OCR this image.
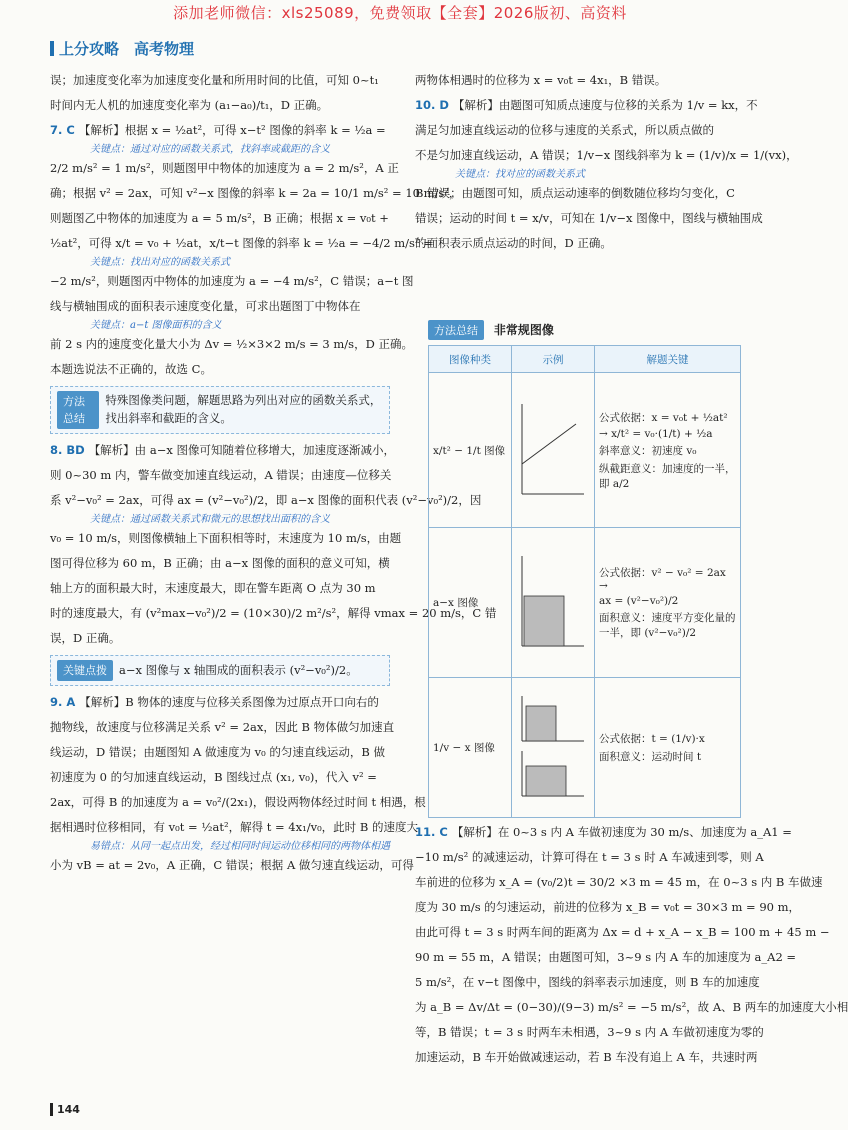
添加老师微信：xls25089，免费领取【全套】2026版初、高资料
上分攻略　高考物理
误；加速度变化率为加速度变化量和所用时间的比值，可知 0~t₁
时间内无人机的加速度变化率为 (a₁−a₀)/t₁，D 正确。
7. C 【解析】根据 x = ½at²，可得 x−t² 图像的斜率 k = ½a =
关键点：通过对应的函数关系式，找斜率或截距的含义
2/2 m/s² = 1 m/s²，则题图甲中物体的加速度为 a = 2 m/s²，A 正
确；根据 v² = 2ax，可知 v²−x 图像的斜率 k = 2a = 10/1 m/s² = 10 m/s²，
则题图乙中物体的加速度为 a = 5 m/s²，B 正确；根据 x = v₀t +
½at²，可得 x/t = v₀ + ½at，x/t−t 图像的斜率 k = ½a = −4/2 m/s² =
关键点：找出对应的函数关系式
−2 m/s²，则题图丙中物体的加速度为 a = −4 m/s²，C 错误；a−t 图
线与横轴围成的面积表示速度变化量，可求出题图丁中物体在
关键点：a−t 图像面积的含义
前 2 s 内的速度变化量大小为 Δv = ½×3×2 m/s = 3 m/s，D 正确。
本题选说法不正确的，故选 C。
方法总结
特殊图像类问题，解题思路为列出对应的函数关系式，找出斜率和截距的含义。
8. BD 【解析】由 a−x 图像可知随着位移增大，加速度逐渐减小，
则 0~30 m 内，警车做变加速直线运动，A 错误；由速度—位移关
系 v²−v₀² = 2ax，可得 ax = (v²−v₀²)/2，即 a−x 图像的面积代表 (v²−v₀²)/2，因
关键点：通过函数关系式和微元的思想找出面积的含义
v₀ = 10 m/s，则图像横轴上下面积相等时，末速度为 10 m/s，由题
图可得位移为 60 m，B 正确；由 a−x 图像的面积的意义可知，横
轴上方的面积最大时，末速度最大，即在警车距离 O 点为 30 m
时的速度最大，有 (v²max−v₀²)/2 = (10×30)/2 m²/s²，解得 vmax = 20 m/s，C 错
误，D 正确。
关键点拨	a−x 图像与 x 轴围成的面积表示 (v²−v₀²)/2。
9. A 【解析】B 物体的速度与位移关系图像为过原点开口向右的
抛物线，故速度与位移满足关系 v² = 2ax，因此 B 物体做匀加速直
线运动，D 错误；由题图知 A 做速度为 v₀ 的匀速直线运动，B 做
初速度为 0 的匀加速直线运动，B 图线过点 (x₁, v₀)，代入 v² =
2ax，可得 B 的加速度为 a = v₀²/(2x₁)，假设两物体经过时间 t 相遇，根
据相遇时位移相同，有 v₀t = ½at²，解得 t = 4x₁/v₀，此时 B 的速度大
易错点：从同一起点出发，经过相同时间运动位移相同的两物体相遇
小为 vB = at = 2v₀，A 正确，C 错误；根据 A 做匀速直线运动，可得
两物体相遇时的位移为 x = v₀t = 4x₁，B 错误。
10. D 【解析】由题图可知质点速度与位移的关系为 1/v = kx，不
满足匀加速直线运动的位移与速度的关系式，所以质点做的
不是匀加速直线运动，A 错误；1/v−x 图线斜率为 k = (1/v)/x = 1/(vx)，
关键点：找对应的函数关系式
B 错误；由题图可知，质点运动速率的倒数随位移均匀变化，C
错误；运动的时间 t = x/v，可知在 1/v−x 图像中，图线与横轴围成
的面积表示质点运动的时间，D 正确。
方法总结 非常规图像
图像种类	示例	解题关键
x/t² − 1/t 图像		公式依据：x = v₀t + ½at²
→ x/t² = v₀·(1/t) + ½a
斜率意义：初速度 v₀
纵截距意义：加速度的一半，即 a/2

a−x 图像		公式依据：v² − v₀² = 2ax →
ax = (v²−v₀²)/2
面积意义：速度平方变化量的一半，即 (v²−v₀²)/2

1/v − x 图像		公式依据：t = (1/v)·x
面积意义：运动时间 t
11. C 【解析】在 0~3 s 内 A 车做初速度为 30 m/s、加速度为 a_A1 =
−10 m/s² 的减速运动，计算可得在 t = 3 s 时 A 车减速到零，则 A
车前进的位移为 x_A = (v₀/2)t = 30/2 ×3 m = 45 m，在 0~3 s 内 B 车做速
度为 30 m/s 的匀速运动，前进的位移为 x_B = v₀t = 30×3 m = 90 m，
由此可得 t = 3 s 时两车间的距离为 Δx = d + x_A − x_B = 100 m + 45 m −
90 m = 55 m，A 错误；由题图可知，3~9 s 内 A 车的加速度为 a_A2 =
5 m/s²，在 v−t 图像中，图线的斜率表示加速度，则 B 车的加速度
为 a_B = Δv/Δt = (0−30)/(9−3) m/s² = −5 m/s²，故 A、B 两车的加速度大小相
等，B 错误；t = 3 s 时两车未相遇，3~9 s 内 A 车做初速度为零的
加速运动，B 车开始做减速运动，若 B 车没有追上 A 车，共速时两
144
